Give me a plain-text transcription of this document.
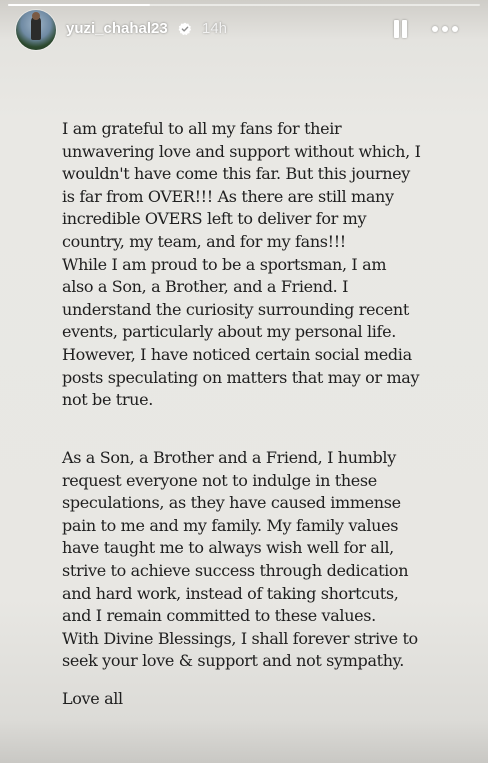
yuzi_chahal23 14h
I am grateful to all my fans for their
unwavering love and support without which, I
wouldn't have come this far. But this journey
is far from OVER!!! As there are still many
incredible OVERS left to deliver for my
country, my team, and for my fans!!!
While I am proud to be a sportsman, I am
also a Son, a Brother, and a Friend. I
understand the curiosity surrounding recent
events, particularly about my personal life.
However, I have noticed certain social media
posts speculating on matters that may or may
not be true.
As a Son, a Brother and a Friend, I humbly
request everyone not to indulge in these
speculations, as they have caused immense
pain to me and my family. My family values
have taught me to always wish well for all,
strive to achieve success through dedication
and hard work, instead of taking shortcuts,
and I remain committed to these values.
With Divine Blessings, I shall forever strive to
seek your love & support and not sympathy.
Love all
